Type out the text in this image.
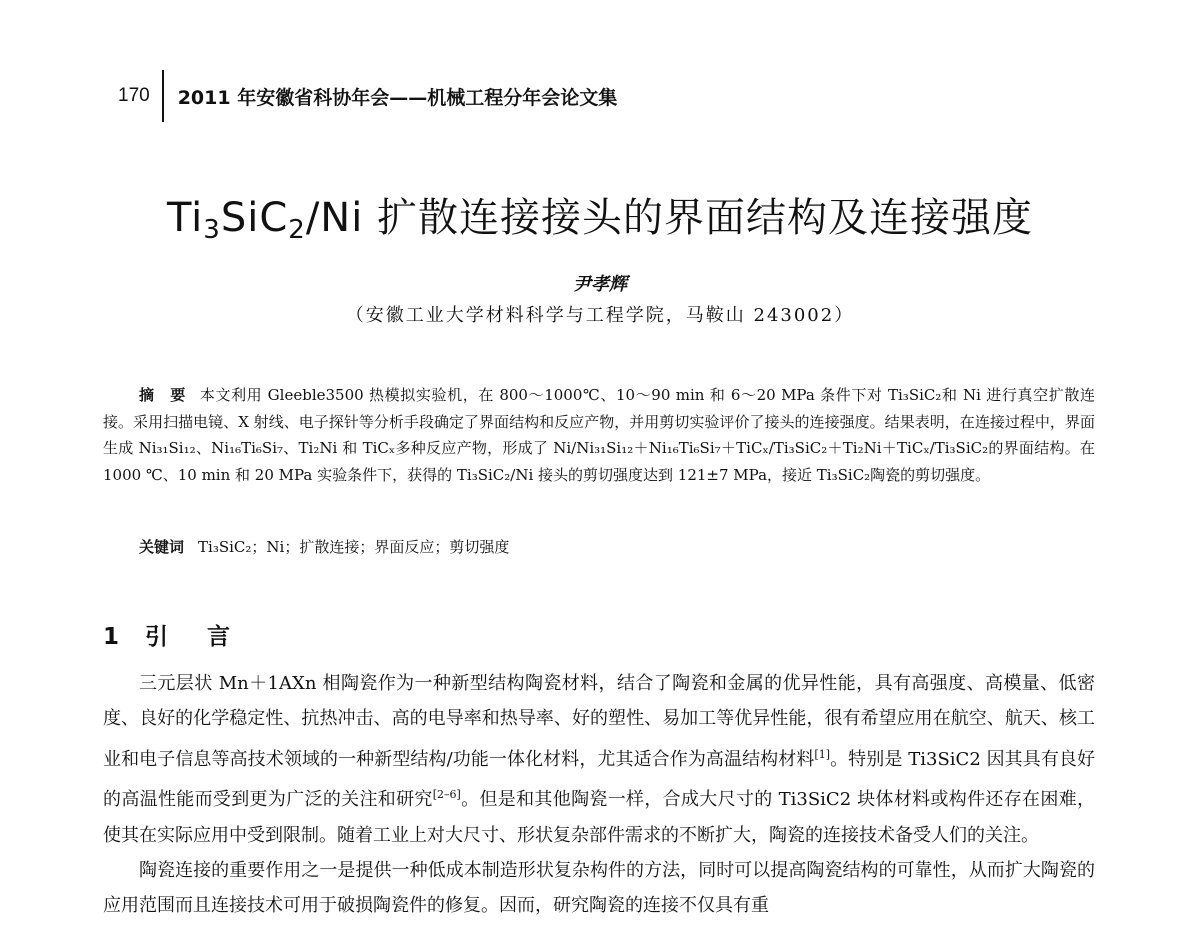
170	2011 年安徽省科协年会——机械工程分年会论文集
Ti3SiC2/Ni 扩散连接接头的界面结构及连接强度
尹孝辉
（安徽工业大学材料科学与工程学院，马鞍山 243002）
摘　要 本文利用 Gleeble3500 热模拟实验机，在 800～1000℃、10～90 min 和 6～20 MPa 条件下对 Ti₃SiC₂和 Ni 进行真空扩散连接。采用扫描电镜、X 射线、电子探针等分析手段确定了界面结构和反应产物，并用剪切实验评价了接头的连接强度。结果表明，在连接过程中，界面生成 Ni₃₁Si₁₂、Ni₁₆Ti₆Si₇、Ti₂Ni 和 TiCₓ多种反应产物，形成了 Ni/Ni₃₁Si₁₂＋Ni₁₆Ti₆Si₇＋TiCₓ/Ti₃SiC₂＋Ti₂Ni＋TiCₓ/Ti₃SiC₂的界面结构。在 1000 ℃、10 min 和 20 MPa 实验条件下，获得的 Ti₃SiC₂/Ni 接头的剪切强度达到 121±7 MPa，接近 Ti₃SiC₂陶瓷的剪切强度。
关键词 Ti₃SiC₂；Ni；扩散连接；界面反应；剪切强度
1 引　言

三元层状 Mn＋1AXn 相陶瓷作为一种新型结构陶瓷材料，结合了陶瓷和金属的优异性能，具有高强度、高模量、低密度、良好的化学稳定性、抗热冲击、高的电导率和热导率、好的塑性、易加工等优异性能，很有希望应用在航空、航天、核工业和电子信息等高技术领域的一种新型结构/功能一体化材料，尤其适合作为高温结构材料[1]。特别是 Ti3SiC2 因其具有良好的高温性能而受到更为广泛的关注和研究[2–6]。但是和其他陶瓷一样，合成大尺寸的 Ti3SiC2 块体材料或构件还存在困难，使其在实际应用中受到限制。随着工业上对大尺寸、形状复杂部件需求的不断扩大，陶瓷的连接技术备受人们的关注。

陶瓷连接的重要作用之一是提供一种低成本制造形状复杂构件的方法，同时可以提高陶瓷结构的可靠性，从而扩大陶瓷的应用范围而且连接技术可用于破损陶瓷件的修复。因而，研究陶瓷的连接不仅具有重
